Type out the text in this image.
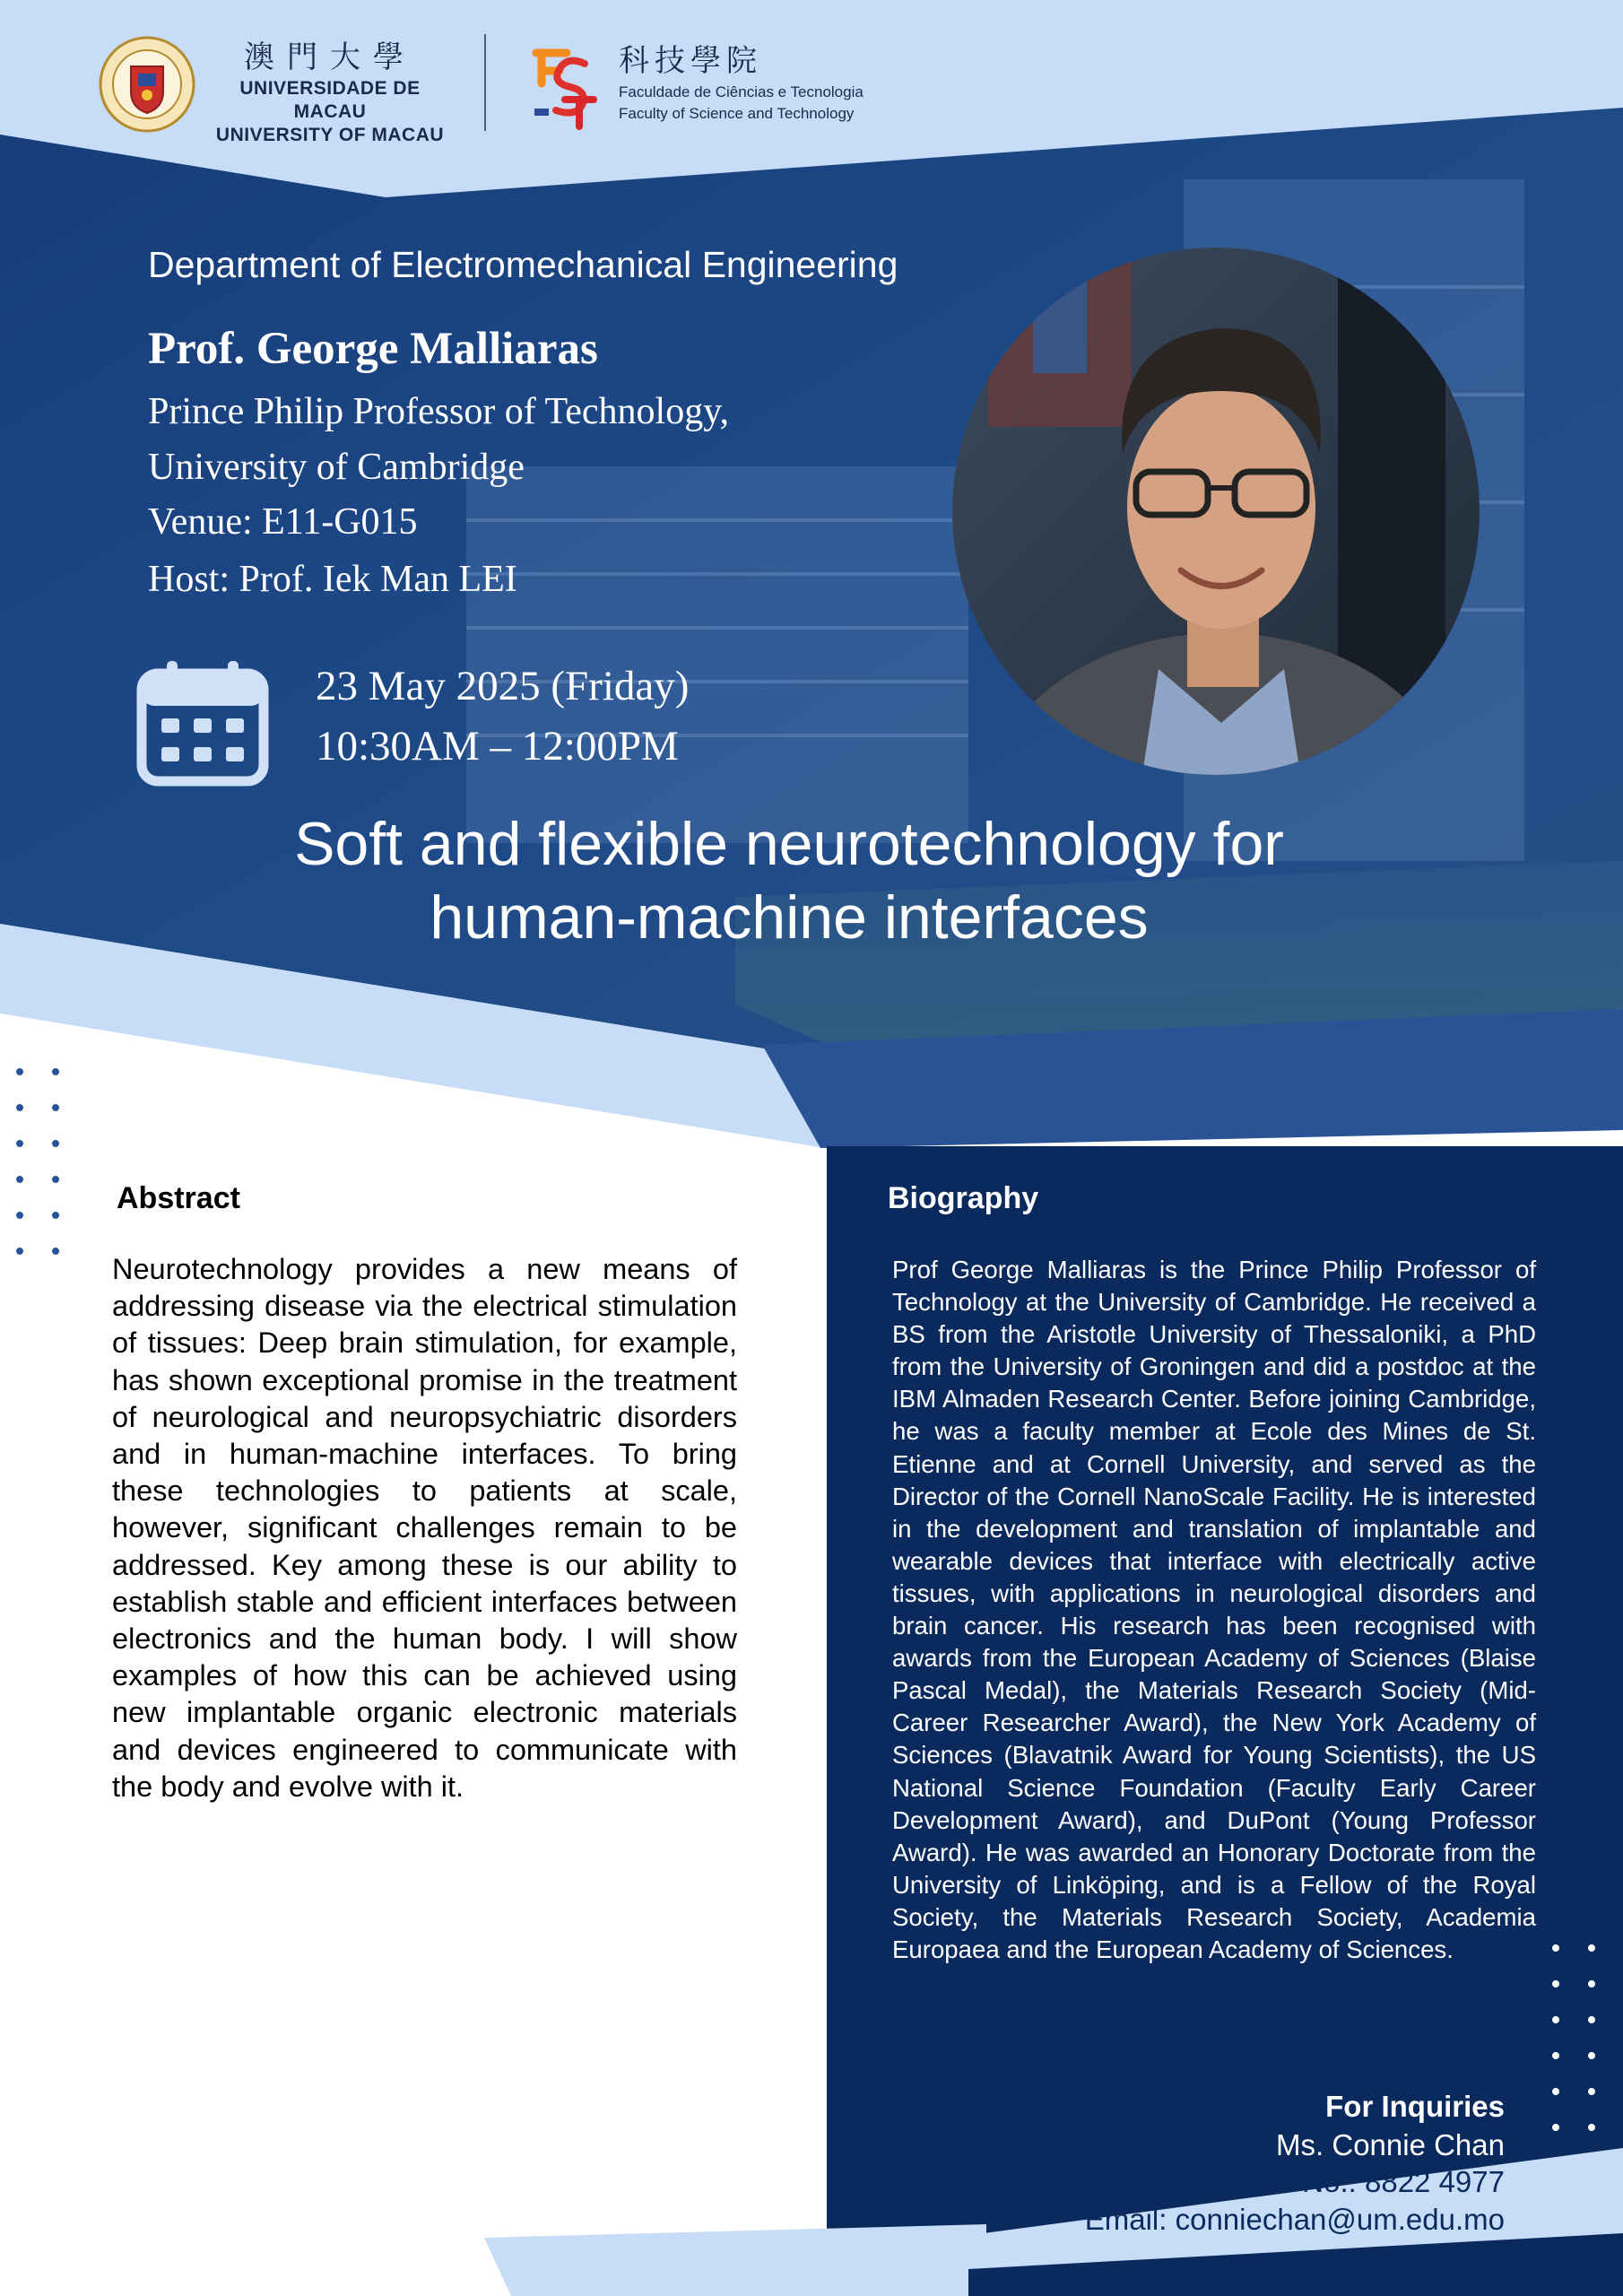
澳門大學
UNIVERSIDADE DE MACAU
UNIVERSITY OF MACAU
科技學院
Faculdade de Ciências e Tecnologia
Faculty of Science and Technology
Department of Electromechanical Engineering
Prof. George Malliaras
Prince Philip Professor of Technology,
University of Cambridge
Venue: E11-G015
Host: Prof. Iek Man LEI
23 May 2025 (Friday)
10:30AM – 12:00PM
Soft and flexible neurotechnology for
human-machine interfaces
Abstract

Neurotechnology provides a new means of addressing disease via the electrical stimulation of tissues: Deep brain stimulation, for example, has shown exceptional promise in the treatment of neurological and neuropsychiatric disorders and in human-machine interfaces. To bring these technologies to patients at scale, however, significant challenges remain to be addressed. Key among these is our ability to establish stable and efficient interfaces between electronics and the human body. I will show examples of how this can be achieved using new implantable organic electronic materials and devices engineered to communicate with the body and evolve with it.

Biography

Prof George Malliaras is the Prince Philip Professor of Technology at the University of Cambridge. He received a BS from the Aristotle University of Thessaloniki, a PhD from the University of Groningen and did a postdoc at the IBM Almaden Research Center. Before joining Cambridge, he was a faculty member at Ecole des Mines de St. Etienne and at Cornell University, and served as the Director of the Cornell NanoScale Facility. He is interested in the development and translation of implantable and wearable devices that interface with electrically active tissues, with applications in neurological disorders and brain cancer. His research has been recognised with awards from the European Academy of Sciences (Blaise Pascal Medal), the Materials Research Society (Mid-Career Researcher Award), the New York Academy of Sciences (Blavatnik Award for Young Scientists), the US National Science Foundation (Faculty Early Career Development Award), and DuPont (Young Professor Award). He was awarded an Honorary Doctorate from the University of Linköping, and is a Fellow of the Royal Society, the Materials Research Society, Academia Europaea and the European Academy of Sciences.

For Inquiries
Ms. Connie Chan
Phone No.: 8822 4977
Email: conniechan@um.edu.mo
